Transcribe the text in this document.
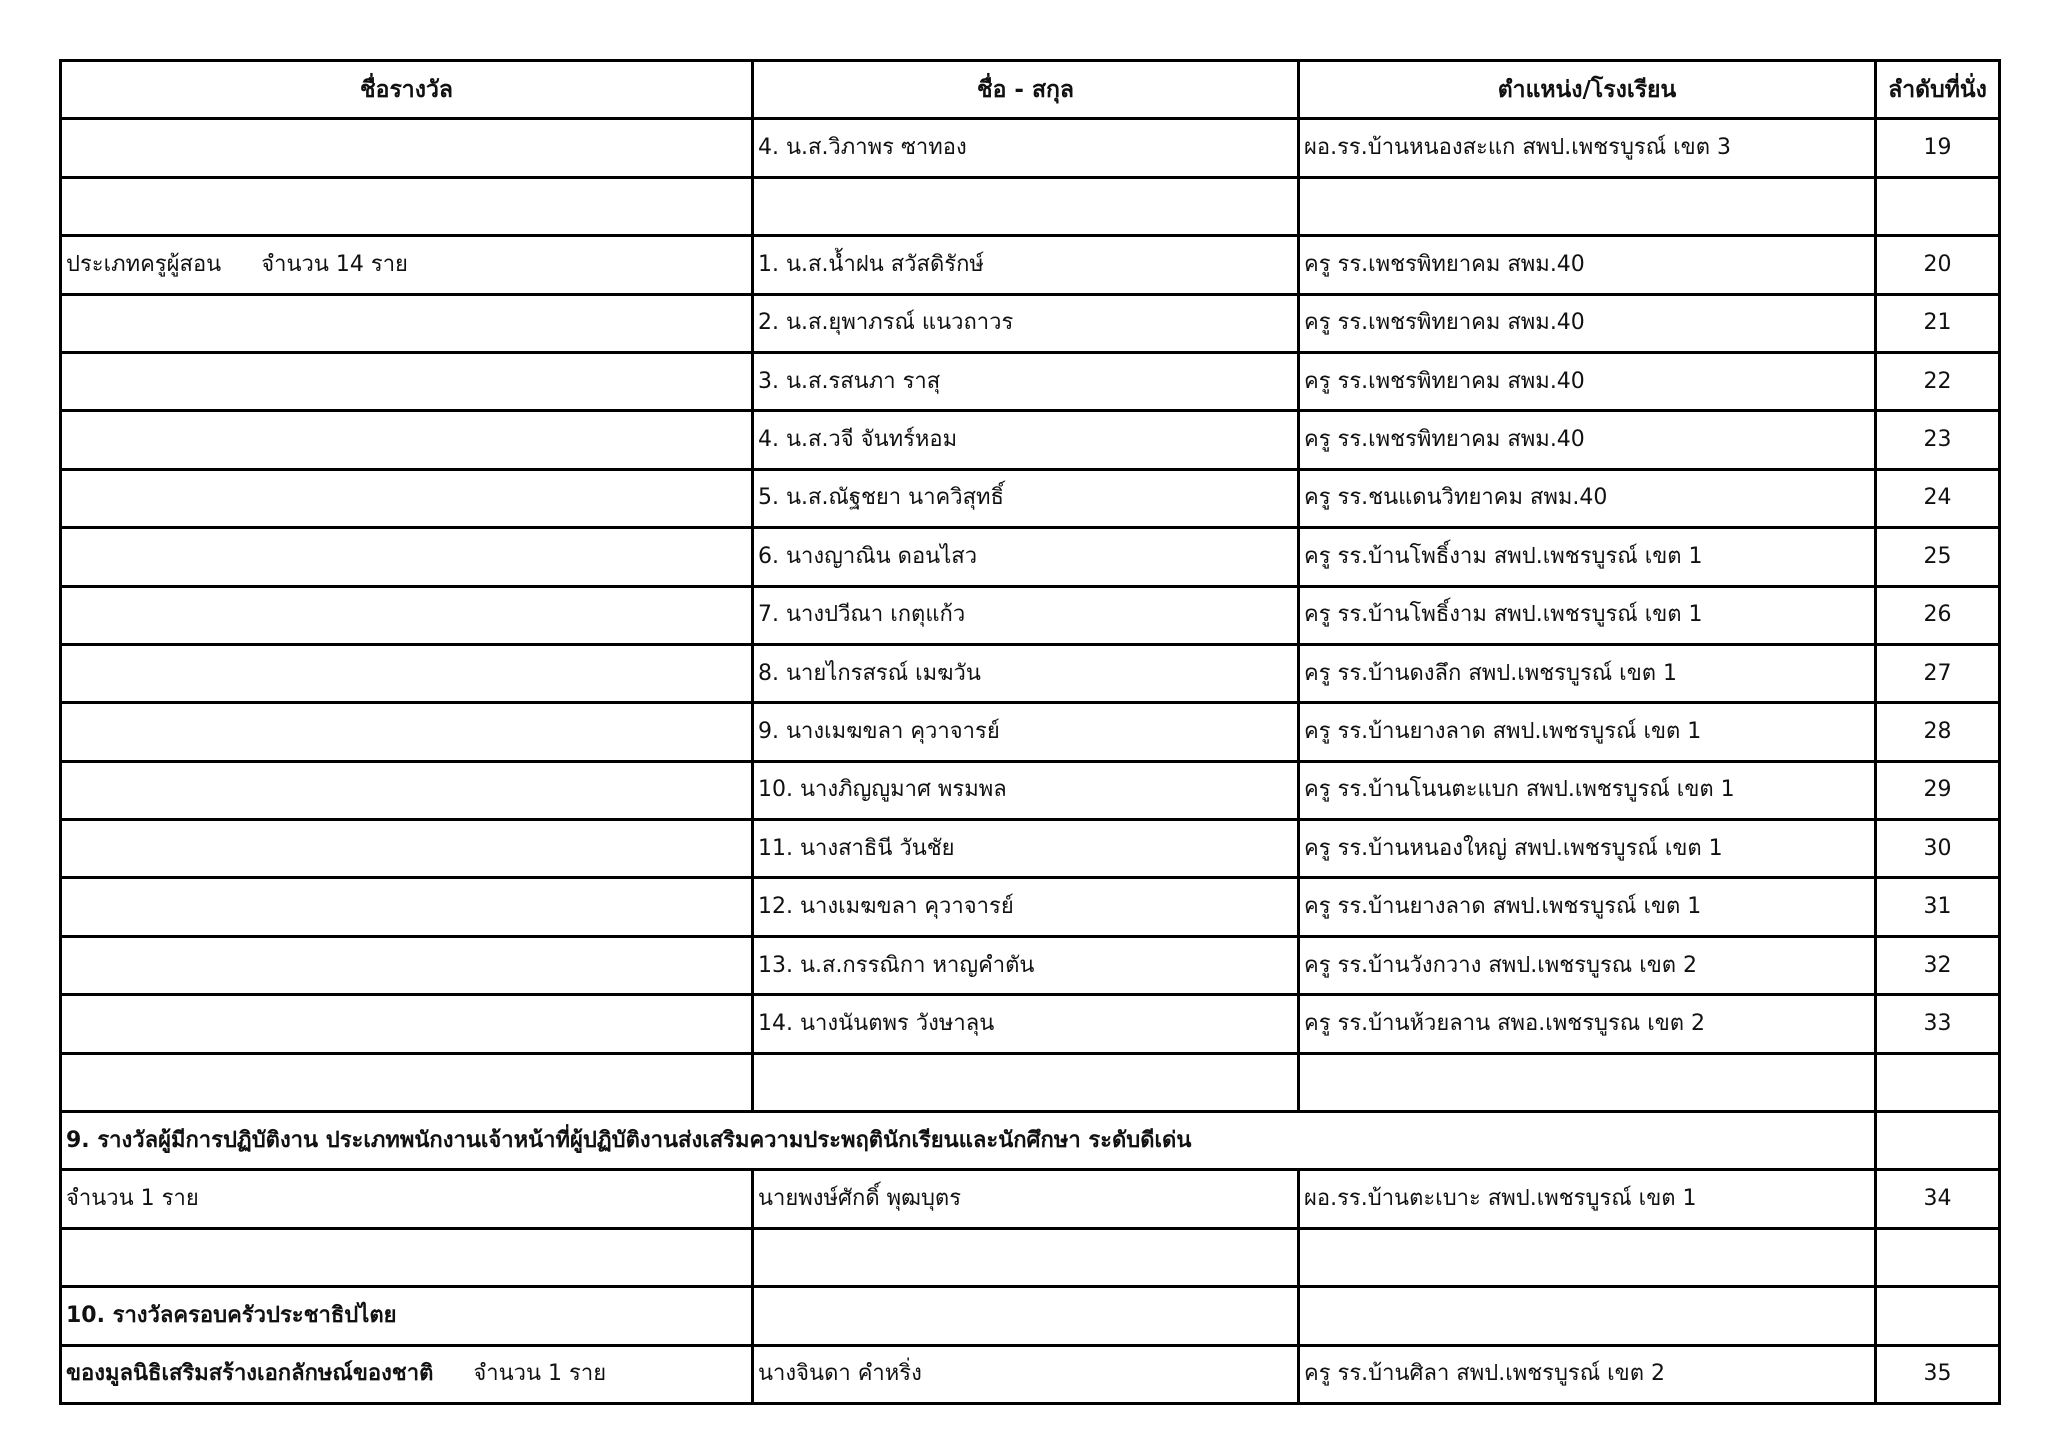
ชื่อรางวัล	ชื่อ - สกุล	ตำแหน่ง/โรงเรียน	ลำดับที่นั่ง
	4. น.ส.วิภาพร ซาทอง	ผอ.รร.บ้านหนองสะแก สพป.เพชรบูรณ์ เขต 3	19

ประเภทครูผู้สอน จำนวน 14 ราย	1. น.ส.น้ำฝน สวัสดิรักษ์	ครู รร.เพชรพิทยาคม สพม.40	20
	2. น.ส.ยุพาภรณ์ แนวถาวร	ครู รร.เพชรพิทยาคม สพม.40	21
	3. น.ส.รสนภา ราสุ	ครู รร.เพชรพิทยาคม สพม.40	22
	4. น.ส.วจี จันทร์หอม	ครู รร.เพชรพิทยาคม สพม.40	23
	5. น.ส.ณัฐชยา นาควิสุทธิ์	ครู รร.ชนแดนวิทยาคม สพม.40	24
	6. นางญาณิน ดอนไสว	ครู รร.บ้านโพธิ์งาม สพป.เพชรบูรณ์ เขต 1	25
	7. นางปวีณา เกตุแก้ว	ครู รร.บ้านโพธิ์งาม สพป.เพชรบูรณ์ เขต 1	26
	8. นายไกรสรณ์ เมฆวัน	ครู รร.บ้านดงลึก สพป.เพชรบูรณ์ เขต 1	27
	9. นางเมฆขลา คุวาจารย์	ครู รร.บ้านยางลาด สพป.เพชรบูรณ์ เขต 1	28
	10. นางภิญญูมาศ พรมพล	ครู รร.บ้านโนนตะแบก สพป.เพชรบูรณ์ เขต 1	29
	11. นางสาธินี วันชัย	ครู รร.บ้านหนองใหญ่ สพป.เพชรบูรณ์ เขต 1	30
	12. นางเมฆขลา คุวาจารย์	ครู รร.บ้านยางลาด สพป.เพชรบูรณ์ เขต 1	31
	13. น.ส.กรรณิกา หาญคำตัน	ครู รร.บ้านวังกวาง สพป.เพชรบูรณ เขต 2	32
	14. นางนันตพร วังษาลุน	ครู รร.บ้านห้วยลาน สพอ.เพชรบูรณ เขต 2	33

9. รางวัลผู้มีการปฏิบัติงาน ประเภทพนักงานเจ้าหน้าที่ผู้ปฏิบัติงานส่งเสริมความประพฤตินักเรียนและนักศึกษา ระดับดีเด่น			
จำนวน 1 ราย	นายพงษ์ศักดิ์ พุฒบุตร	ผอ.รร.บ้านตะเบาะ สพป.เพชรบูรณ์ เขต 1	34

10. รางวัลครอบครัวประชาธิปไตย			
ของมูลนิธิเสริมสร้างเอกลักษณ์ของชาติ จำนวน 1 ราย	นางจินดา คำหริ่ง	ครู รร.บ้านศิลา สพป.เพชรบูรณ์ เขต 2	35
